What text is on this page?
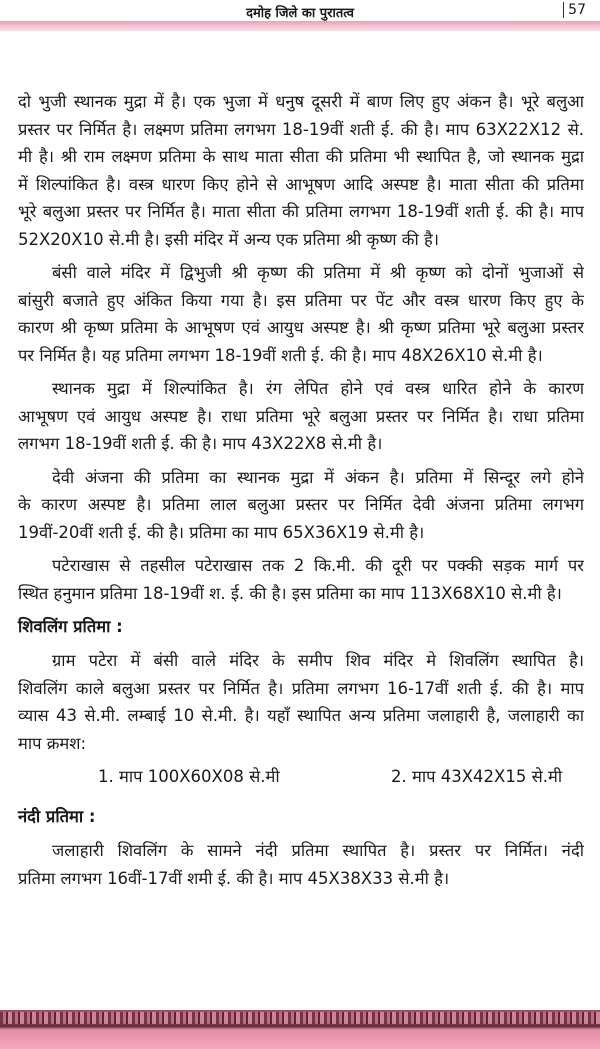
दमोह जिले का पुरातत्व	57
दो भुजी स्थानक मुद्रा में है। एक भुजा में धनुष दूसरी में बाण लिए हुए अंकन है। भूरे बलुआ
प्रस्तर पर निर्मित है। लक्ष्मण प्रतिमा लगभग 18-19वीं शती ई. की है। माप 63X22X12 से.
मी है। श्री राम लक्ष्मण प्रतिमा के साथ माता सीता की प्रतिमा भी स्थापित है, जो स्थानक मुद्रा
में शिल्पांकित है। वस्त्र धारण किए होने से आभूषण आदि अस्पष्ट है। माता सीता की प्रतिमा
भूरे बलुआ प्रस्तर पर निर्मित है। माता सीता की प्रतिमा लगभग 18-19वीं शती ई. की है। माप
52X20X10 से.मी है। इसी मंदिर में अन्य एक प्रतिमा श्री कृष्ण की है।
बंसी वाले मंदिर में द्विभुजी श्री कृष्ण की प्रतिमा में श्री कृष्ण को दोनों भुजाओं से
बांसुरी बजाते हुए अंकित किया गया है। इस प्रतिमा पर पेंट और वस्त्र धारण किए हुए के
कारण श्री कृष्ण प्रतिमा के आभूषण एवं आयुध अस्पष्ट है। श्री कृष्ण प्रतिमा भूरे बलुआ प्रस्तर
पर निर्मित है। यह प्रतिमा लगभग 18-19वीं शती ई. की है। माप 48X26X10 से.मी है।
स्थानक मुद्रा में शिल्पांकित है। रंग लेपित होने एवं वस्त्र धारित होने के कारण
आभूषण एवं आयुध अस्पष्ट है। राधा प्रतिमा भूरे बलुआ प्रस्तर पर निर्मित है। राधा प्रतिमा
लगभग 18-19वीं शती ई. की है। माप 43X22X8 से.मी है।
देवी अंजना की प्रतिमा का स्थानक मुद्रा में अंकन है। प्रतिमा में सिन्दूर लगे होने
के कारण अस्पष्ट है। प्रतिमा लाल बलुआ प्रस्तर पर निर्मित देवी अंजना प्रतिमा लगभग
19वीं-20वीं शती ई. की है। प्रतिमा का माप 65X36X19 से.मी है।
पटेराखास से तहसील पटेराखास तक 2 कि.मी. की दूरी पर पक्की सड़क मार्ग पर
स्थित हनुमान प्रतिमा 18-19वीं श. ई. की है। इस प्रतिमा का माप 113X68X10 से.मी है।
शिवलिंग प्रतिमा :
ग्राम पटेरा में बंसी वाले मंदिर के समीप शिव मंदिर मे शिवलिंग स्थापित है।
शिवलिंग काले बलुआ प्रस्तर पर निर्मित है। प्रतिमा लगभग 16-17वीं शती ई. की है। माप
व्यास 43 से.मी. लम्बाई 10 से.मी. है। यहाँ स्थापित अन्य प्रतिमा जलाहारी है, जलाहारी का
माप क्रमश:
1. माप 100X60X08 से.मी	2. माप 43X42X15 से.मी
नंदी प्रतिमा :
जलाहारी शिवलिंग के सामने नंदी प्रतिमा स्थापित है। प्रस्तर पर निर्मित। नंदी
प्रतिमा लगभग 16वीं-17वीं शमी ई. की है। माप 45X38X33 से.मी है।
